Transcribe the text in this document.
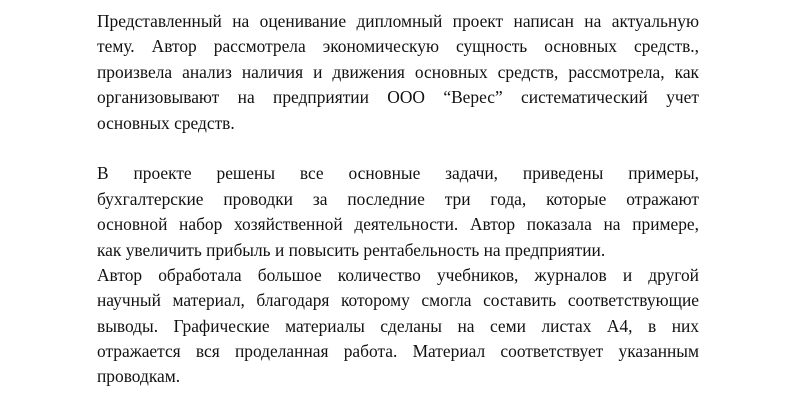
Представленный на оценивание дипломный проект написан на актуальную
тему. Автор рассмотрела экономическую сущность основных средств.,
произвела анализ наличия и движения основных средств, рассмотрела, как
организовывают на предприятии ООО “Верес” систематический учет
основных средств.
В проекте решены все основные задачи, приведены примеры,
бухгалтерские проводки за последние три года, которые отражают
основной набор хозяйственной деятельности. Автор показала на примере,
как увеличить прибыль и повысить рентабельность на предприятии.
Автор обработала большое количество учебников, журналов и другой
научный материал, благодаря которому смогла составить соответствующие
выводы. Графические материалы сделаны на семи листах А4, в них
отражается вся проделанная работа. Материал соответствует указанным
проводкам.
